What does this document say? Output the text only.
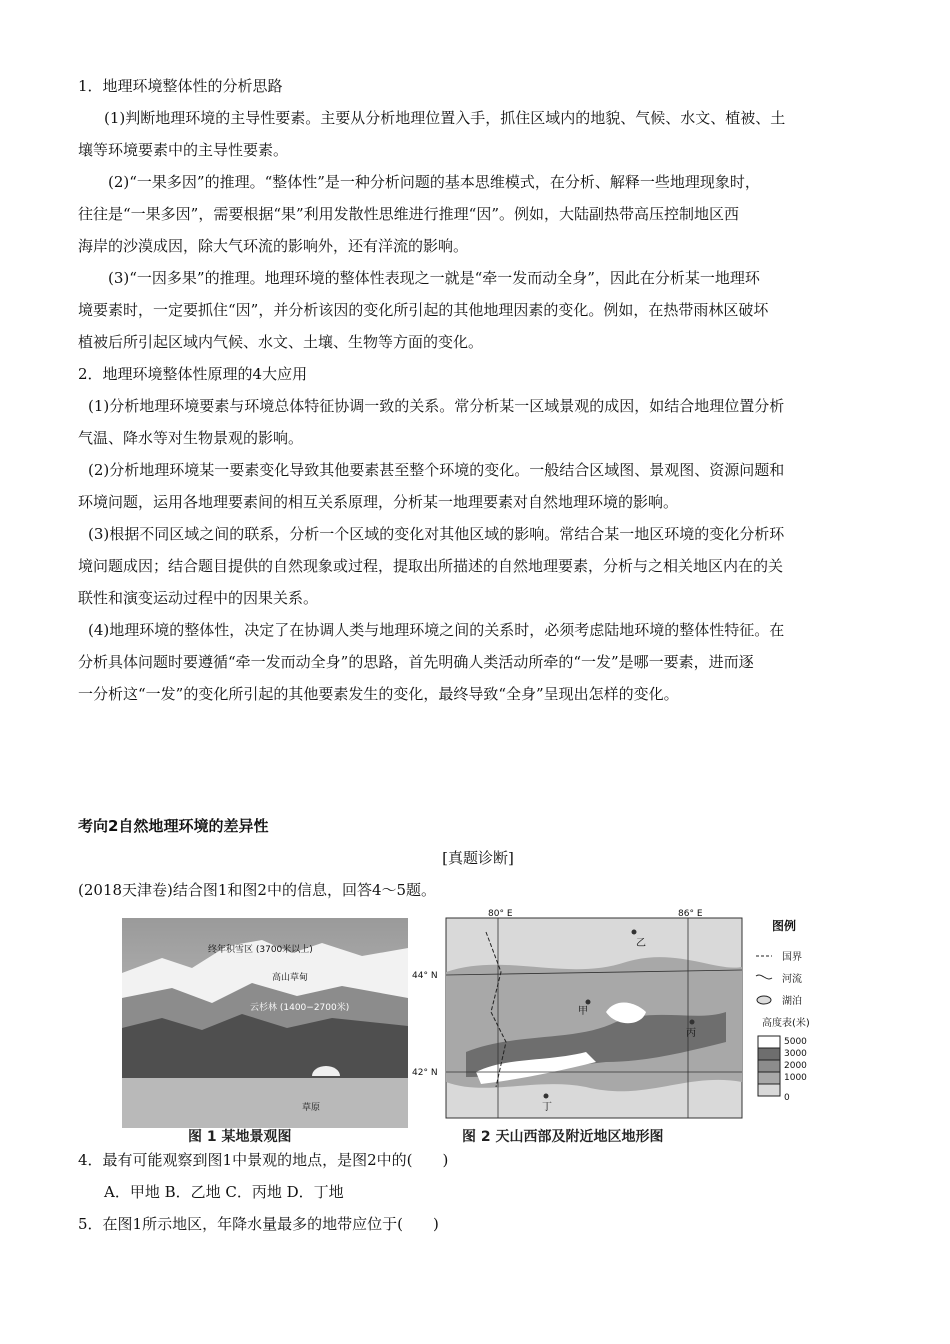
1．地理环境整体性的分析思路
(1)判断地理环境的主导性要素。主要从分析地理位置入手，抓住区域内的地貌、气候、水文、植被、土
壤等环境要素中的主导性要素。
(2)“一果多因”的推理。“整体性”是一种分析问题的基本思维模式，在分析、解释一些地理现象时，
往往是“一果多因”，需要根据“果”利用发散性思维进行推理“因”。例如，大陆副热带高压控制地区西
海岸的沙漠成因，除大气环流的影响外，还有洋流的影响。
(3)“一因多果”的推理。地理环境的整体性表现之一就是“牵一发而动全身”，因此在分析某一地理环
境要素时，一定要抓住“因”，并分析该因的变化所引起的其他地理因素的变化。例如，在热带雨林区破坏
植被后所引起区域内气候、水文、土壤、生物等方面的变化。
2．地理环境整体性原理的4大应用
(1)分析地理环境要素与环境总体特征协调一致的关系。常分析某一区域景观的成因，如结合地理位置分析
气温、降水等对生物景观的影响。
(2)分析地理环境某一要素变化导致其他要素甚至整个环境的变化。一般结合区域图、景观图、资源问题和
环境问题，运用各地理要素间的相互关系原理，分析某一地理要素对自然地理环境的影响。
(3)根据不同区域之间的联系，分析一个区域的变化对其他区域的影响。常结合某一地区环境的变化分析环
境问题成因；结合题目提供的自然现象或过程，提取出所描述的自然地理要素，分析与之相关地区内在的关
联性和演变运动过程中的因果关系。
(4)地理环境的整体性，决定了在协调人类与地理环境之间的关系时，必须考虑陆地环境的整体性特征。在
分析具体问题时要遵循“牵一发而动全身”的思路，首先明确人类活动所牵的“一发”是哪一要素，进而逐
一分析这“一发”的变化所引起的其他要素发生的变化，最终导致“全身”呈现出怎样的变化。
考向2自然地理环境的差异性
[真题诊断]
(2018天津卷)结合图1和图2中的信息，回答4～5题。
终年积雪区 (3700米以上)
高山草甸
云杉林 (1400−2700米)
草原
80° E	86° E
44° N
42° N
乙
甲
丙
丁
图例
国界
河流
湖泊
高度表(米)
5000
3000
2000
1000
0
图 1 某地景观图	图 2 天山西部及附近地区地形图
4．最有可能观察到图1中景观的地点，是图2中的(　　)
A．甲地 B．乙地 C．丙地 D．丁地
5．在图1所示地区，年降水量最多的地带应位于(　　)
